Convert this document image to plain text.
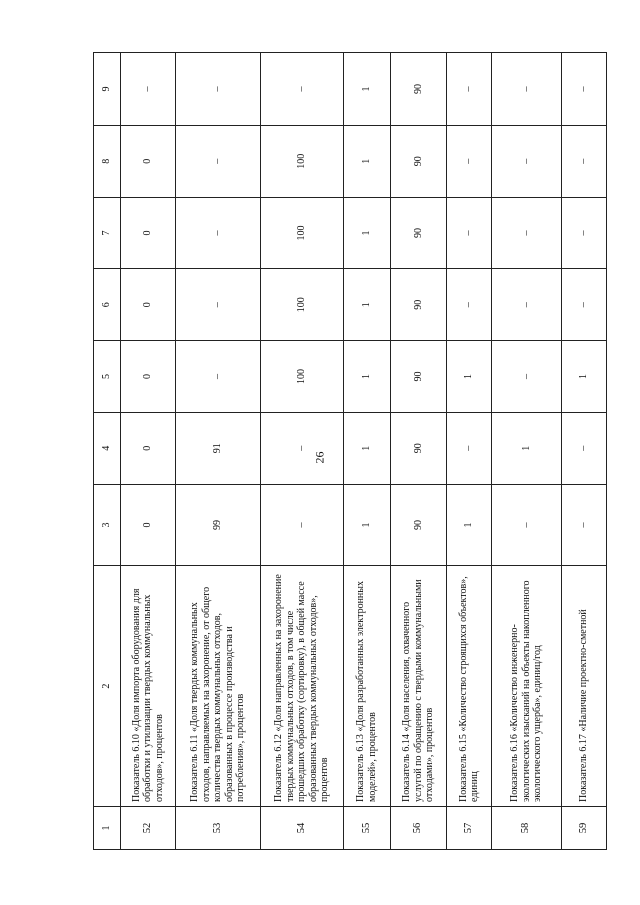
26
1	2	3	4	5	6	7	8	9
52	Показатель 6.10 «Доля импорта оборудования для обработки и утилизации твердых коммунальных отходов», процентов	0	0	0	0	0	0	–
53	Показатель 6.11 «Доля твердых коммунальных отходов, направляемых на захоронение, от общего количества твердых коммунальных отходов, образованных в процессе производства и потребления», процентов	99	91	–	–	–	–	–
54	Показатель 6.12 «Доля направленных на захоронение твердых коммунальных отходов, в том числе прошедших обработку (сортировку), в общей массе образованных твердых коммунальных отходов», процентов	–	–	100	100	100	100	–
55	Показатель 6.13 «Доля разработанных электронных моделей», процентов	1	1	1	1	1	1	1
56	Показатель 6.14 «Доля населения, охваченного услугой по обращению с твердыми коммунальными отходами», процентов	90	90	90	90	90	90	90
57	Показатель 6.15 «Количество строящихся объектов», единиц	1	–	1	–	–	–	–
58	Показатель 6.16 «Количество инженерно-экологических изысканий на объекты накопленного экологического ущерба», единиц/год	–	1	–	–	–	–	–
59	Показатель 6.17 «Наличие проектно-сметной	–	–	1	–	–	–	–
